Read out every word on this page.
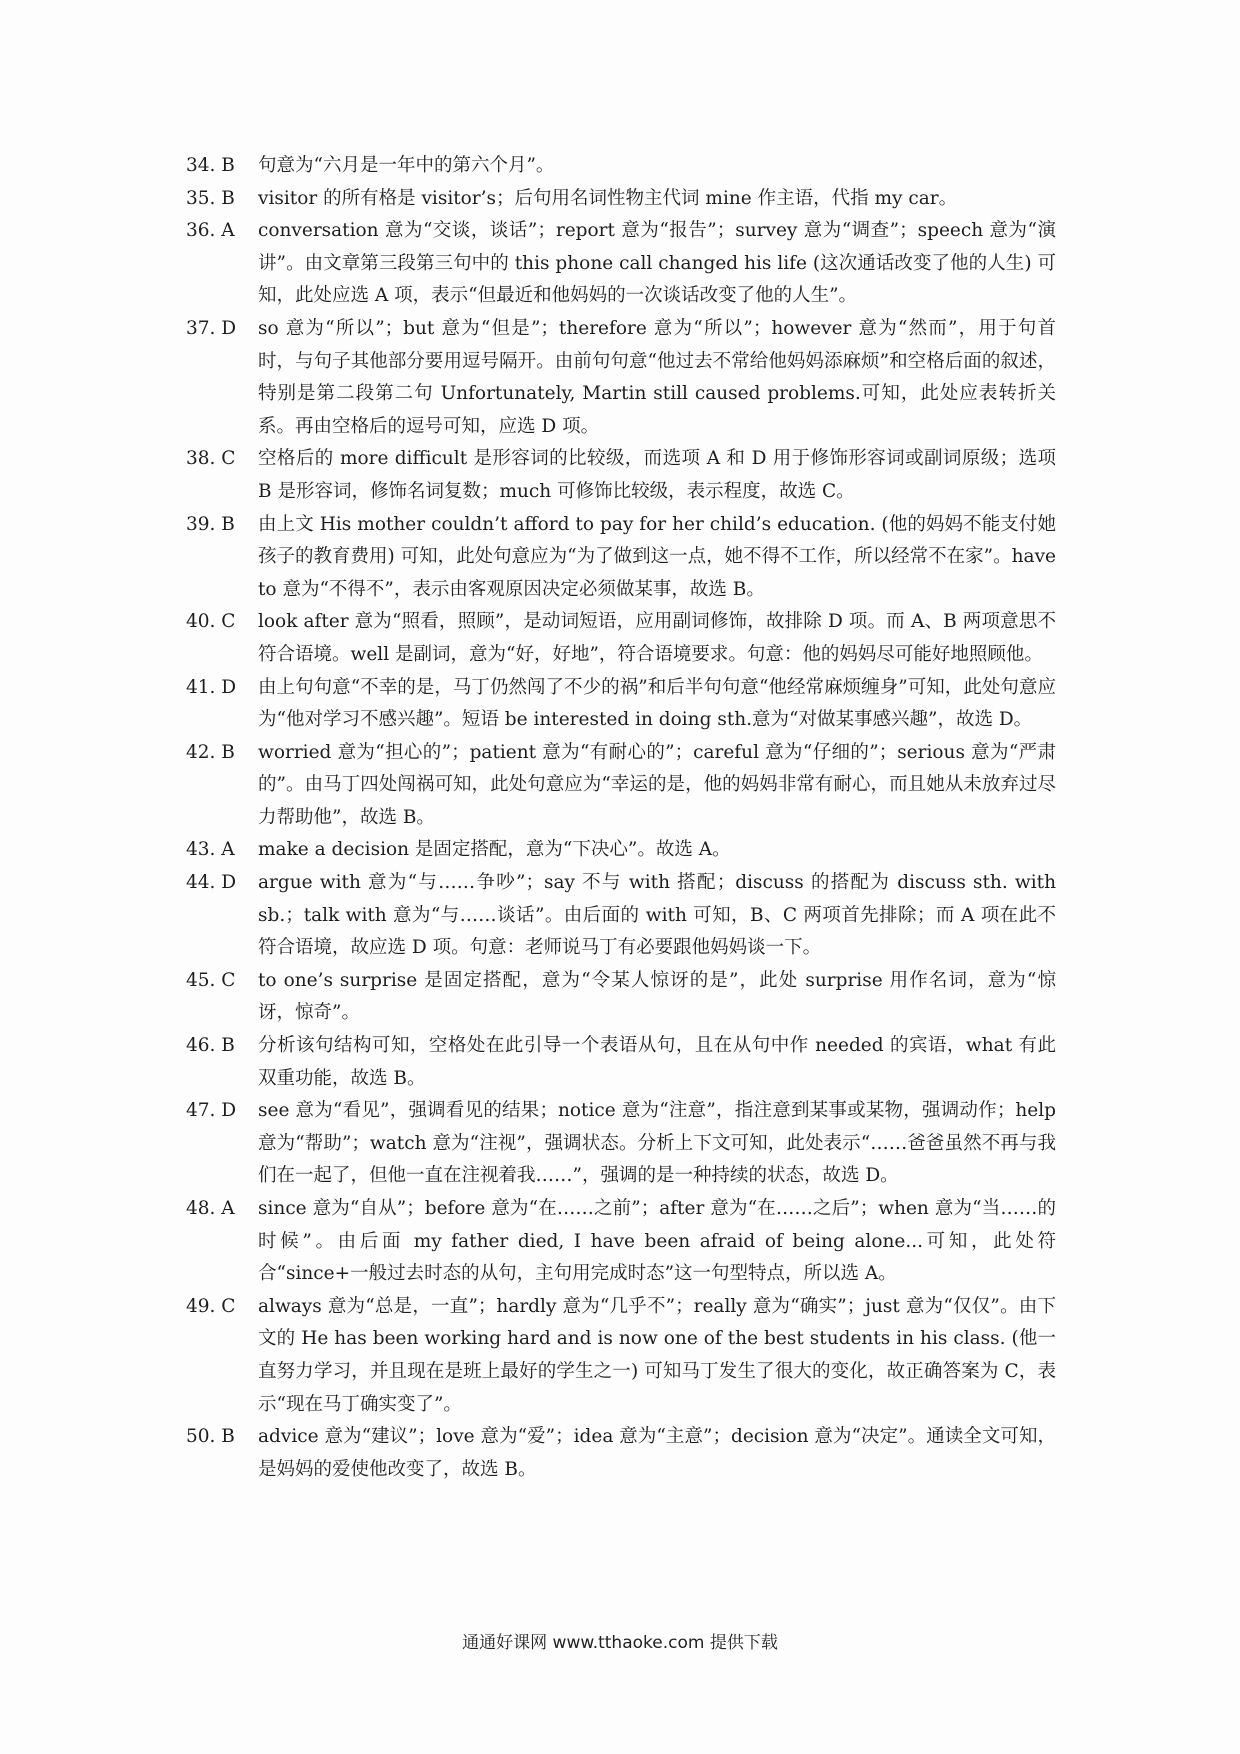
34. B	句意为“六月是一年中的第六个月”。
35. B	visitor 的所有格是 visitor’s；后句用名词性物主代词 mine 作主语，代指 my car。
36. A	conversation 意为“交谈，谈话”；report 意为“报告”；survey 意为“调查”；speech 意为“演讲”。由文章第三段第三句中的 this phone call changed his life (这次通话改变了他的人生) 可知，此处应选 A 项，表示“但最近和他妈妈的一次谈话改变了他的人生”。
37. D	so 意为“所以”；but 意为“但是”；therefore 意为“所以”；however 意为“然而”，用于句首时，与句子其他部分要用逗号隔开。由前句句意“他过去不常给他妈妈添麻烦”和空格后面的叙述，特别是第二段第二句 Unfortunately, Martin still caused problems.可知，此处应表转折关系。再由空格后的逗号可知，应选 D 项。
38. C	空格后的 more difficult 是形容词的比较级，而选项 A 和 D 用于修饰形容词或副词原级；选项 B 是形容词，修饰名词复数；much 可修饰比较级，表示程度，故选 C。
39. B	由上文 His mother couldn’t afford to pay for her child’s education. (他的妈妈不能支付她孩子的教育费用) 可知，此处句意应为“为了做到这一点，她不得不工作，所以经常不在家”。have to 意为“不得不”，表示由客观原因决定必须做某事，故选 B。
40. C	look after 意为“照看，照顾”，是动词短语，应用副词修饰，故排除 D 项。而 A、B 两项意思不符合语境。well 是副词，意为“好，好地”，符合语境要求。句意：他的妈妈尽可能好地照顾他。
41. D	由上句句意“不幸的是，马丁仍然闯了不少的祸”和后半句句意“他经常麻烦缠身”可知，此处句意应为“他对学习不感兴趣”。短语 be interested in doing sth.意为“对做某事感兴趣”，故选 D。
42. B	worried 意为“担心的”；patient 意为“有耐心的”；careful 意为“仔细的”；serious 意为“严肃的”。由马丁四处闯祸可知，此处句意应为“幸运的是，他的妈妈非常有耐心，而且她从未放弃过尽力帮助他”，故选 B。
43. A	make a decision 是固定搭配，意为“下决心”。故选 A。
44. D	argue with 意为“与……争吵”；say 不与 with 搭配；discuss 的搭配为 discuss sth. with sb.；talk with 意为“与……谈话”。由后面的 with 可知，B、C 两项首先排除；而 A 项在此不符合语境，故应选 D 项。句意：老师说马丁有必要跟他妈妈谈一下。
45. C	to one’s surprise 是固定搭配，意为“令某人惊讶的是”，此处 surprise 用作名词，意为“惊讶，惊奇”。
46. B	分析该句结构可知，空格处在此引导一个表语从句，且在从句中作 needed 的宾语，what 有此双重功能，故选 B。
47. D	see 意为“看见”，强调看见的结果；notice 意为“注意”，指注意到某事或某物，强调动作；help 意为“帮助”；watch 意为“注视”，强调状态。分析上下文可知，此处表示“……爸爸虽然不再与我们在一起了，但他一直在注视着我……”，强调的是一种持续的状态，故选 D。
48. A	since 意为“自从”；before 意为“在……之前”；after 意为“在……之后”；when 意为“当……的时候”。由后面 my father died, I have been afraid of being alone...可知，此处符合“since+一般过去时态的从句，主句用完成时态”这一句型特点，所以选 A。
49. C	always 意为“总是，一直”；hardly 意为“几乎不”；really 意为“确实”；just 意为“仅仅”。由下文的 He has been working hard and is now one of the best students in his class. (他一直努力学习，并且现在是班上最好的学生之一) 可知马丁发生了很大的变化，故正确答案为 C，表示“现在马丁确实变了”。
50. B	advice 意为“建议”；love 意为“爱”；idea 意为“主意”；decision 意为“决定”。通读全文可知，是妈妈的爱使他改变了，故选 B。
通通好课网 www.tthaoke.com 提供下载
